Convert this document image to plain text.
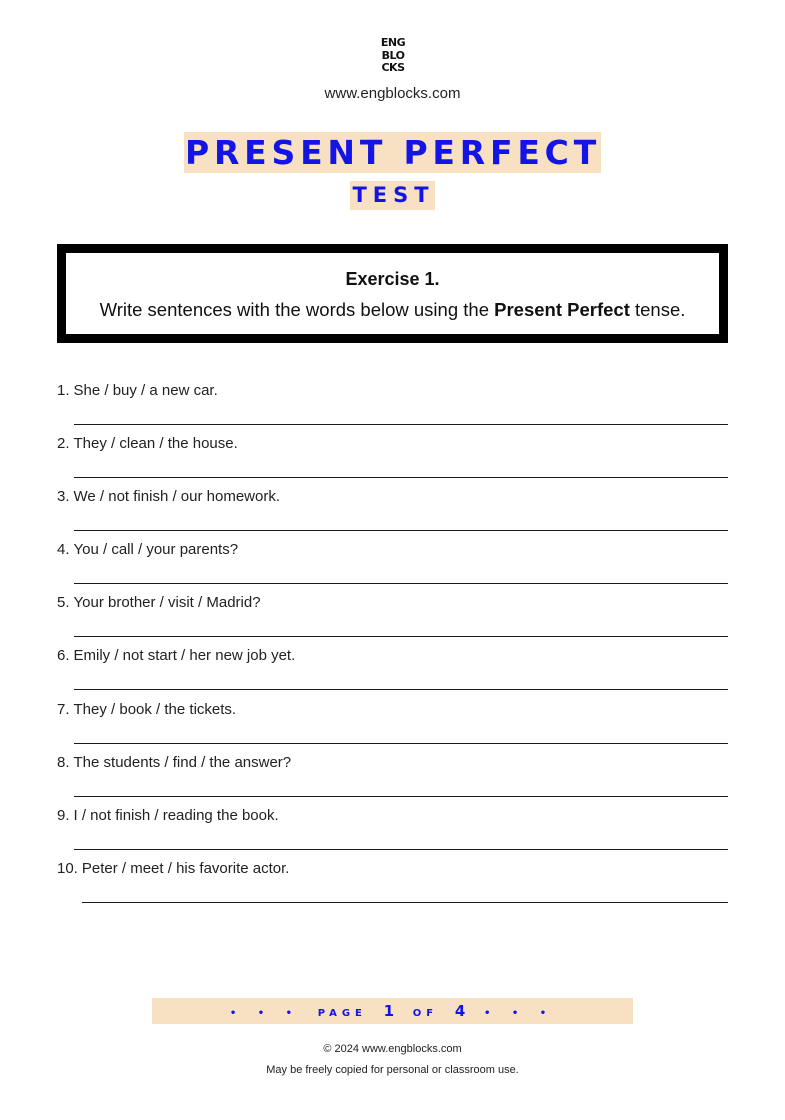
ENG
BLO
CKS
www.engblocks.com
PRESENT PERFECT
TEST
Exercise 1.
Write sentences with the words below using the Present Perfect tense.
1. She / buy / a new car.
2. They / clean / the house.
3. We / not finish / our homework.
4. You / call / your parents?
5. Your brother / visit / Madrid?
6. Emily / not start / her new job yet.
7. They / book / the tickets.
8. The students / find / the answer?
9. I / not finish / reading the book.
10. Peter / meet / his favorite actor.
• • • PAGE 1 OF 4 • • •
© 2024 www.engblocks.com
May be freely copied for personal or classroom use.
